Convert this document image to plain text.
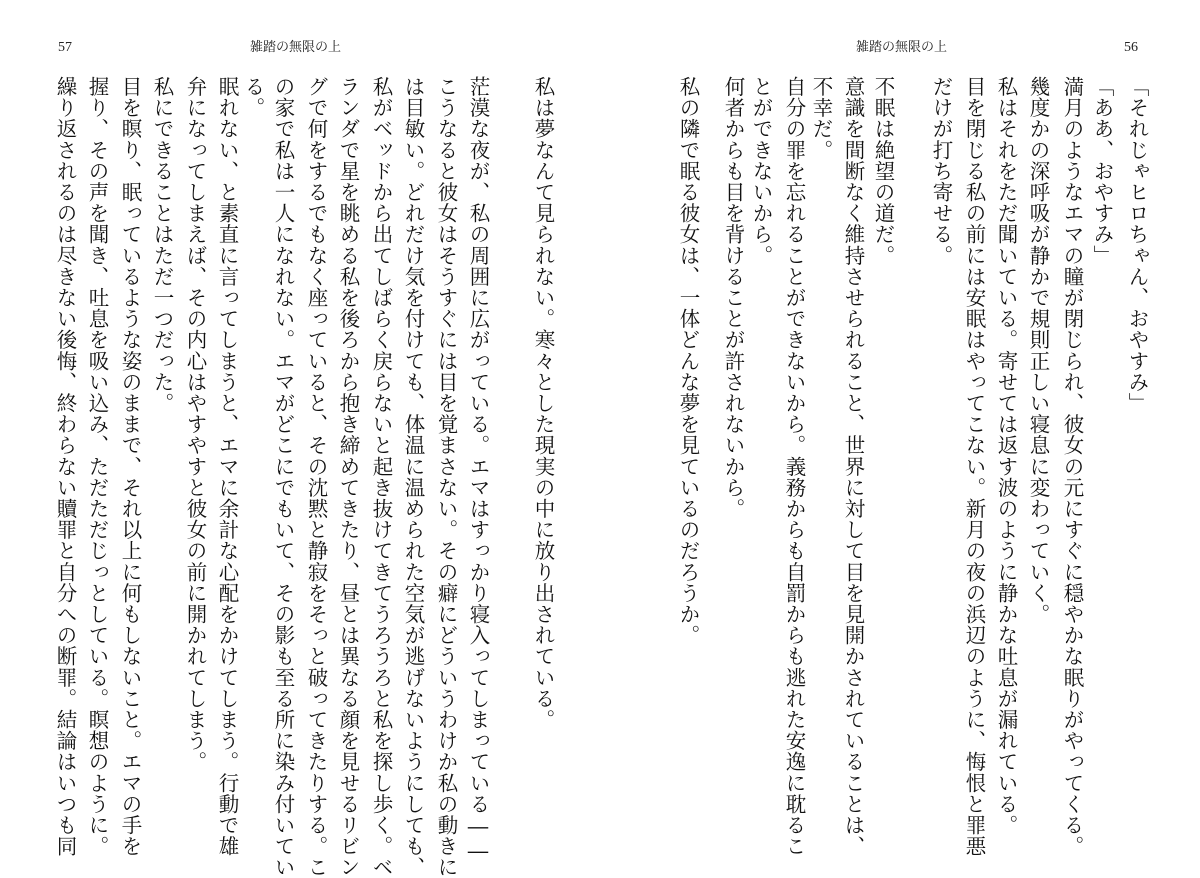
57	雑踏の無限の上
繰り返されるのは尽きない後悔、終わらない贖罪と自分への断罪。結論はいつも同 握り、その声を聞き、吐息を吸い込み、ただただじっとしている。瞑想のように。 目を瞑り、眠っているような姿のままで、それ以上に何もしないこと。エマの手を 私にできることはただ一つだった。 弁になってしまえば、その内心はやすやすと彼女の前に開かれてしまう。 眠れない、と素直に言ってしまうと、エマに余計な心配をかけてしまう。行動で雄 る。 の家で私は一人になれない。エマがどこにでもいて、その影も至る所に染み付いてい グで何をするでもなく座っていると、その沈黙と静寂をそっと破ってきたりする。こ ランダで星を眺める私を後ろから抱き締めてきたり、昼とは異なる顔を見せるリビン 私がベッドから出てしばらく戻らないと起き抜けてきてうろうろと私を探し歩く。ベ は目敏い。どれだけ気を付けても、体温に温められた空気が逃げないようにしても、 こうなると彼女はそうすぐには目を覚まさない。その癖にどういうわけか私の動きに 茫漠な夜が、私の周囲に広がっている。エマはすっかり寝入ってしまっている―― 私は夢なんて見られない。寒々とした現実の中に放り出されている。
雑踏の無限の上	56
「それじゃヒロちゃん、おやすみ」
「ああ、おやすみ」
満月のようなエマの瞳が閉じられ、彼女の元にすぐに穏やかな眠りがやってくる。
幾度かの深呼吸が静かで規則正しい寝息に変わっていく。
私はそれをただ聞いている。寄せては返す波のように静かな吐息が漏れている。
目を閉じる私の前には安眠はやってこない。新月の夜の浜辺のように、悔恨と罪悪
だけが打ち寄せる。
不眠は絶望の道だ。
意識を間断なく維持させられること、世界に対して目を見開かされていることは、
不幸だ。
自分の罪を忘れることができないから。義務からも自罰からも逃れた安逸に耽るこ
とができないから。
何者からも目を背けることが許されないから。
私の隣で眠る彼女は、一体どんな夢を見ているのだろうか。
